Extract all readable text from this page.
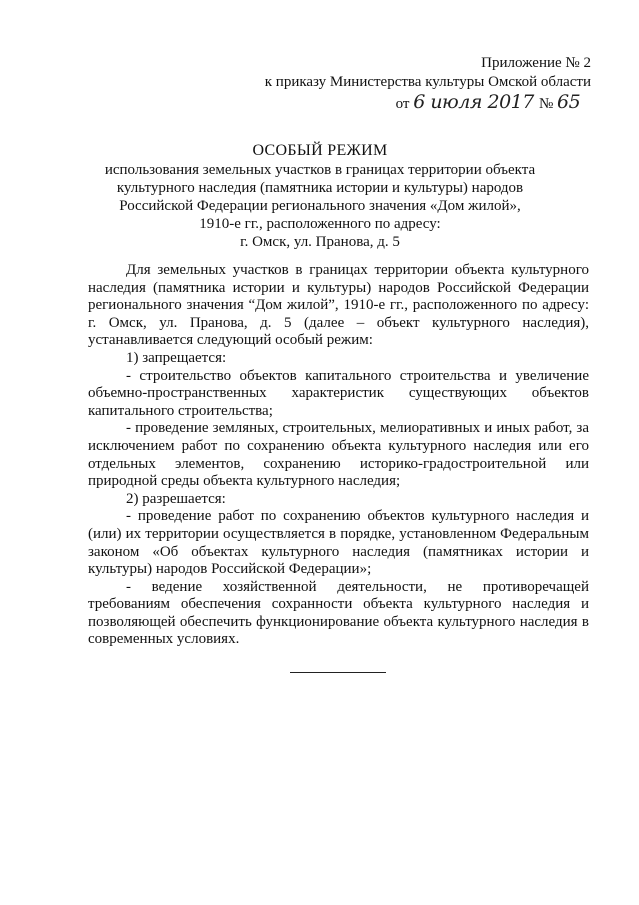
Приложение № 2
к приказу Министерства культуры Омской области
от 6 июля 2017 № 65
ОСОБЫЙ РЕЖИМ
использования земельных участков в границах территории объекта
культурного наследия (памятника истории и культуры) народов
Российской Федерации регионального значения «Дом жилой»,
1910-е гг., расположенного по адресу:
г. Омск, ул. Пранова, д. 5

Для земельных участков в границах территории объекта культурного наследия (памятника истории и культуры) народов Российской Федерации регионального значения “Дом жилой”, 1910-е гг., расположенного по адресу: г. Омск, ул. Пранова, д. 5 (далее – объект культурного наследия), устанавливается следующий особый режим:

1) запрещается:

- строительство объектов капитального строительства и увеличение объемно-пространственных характеристик существующих объектов капитального строительства;

- проведение земляных, строительных, мелиоративных и иных работ, за исключением работ по сохранению объекта культурного наследия или его отдельных элементов, сохранению историко-градостроительной или природной среды объекта культурного наследия;

2) разрешается:

- проведение работ по сохранению объектов культурного наследия и (или) их территории осуществляется в порядке, установленном Федеральным законом «Об объектах культурного наследия (памятниках истории и культуры) народов Российской Федерации»;

- ведение хозяйственной деятельности, не противоречащей требованиям обеспечения сохранности объекта культурного наследия и позволяющей обеспечить функционирование объекта культурного наследия в современных условиях.
